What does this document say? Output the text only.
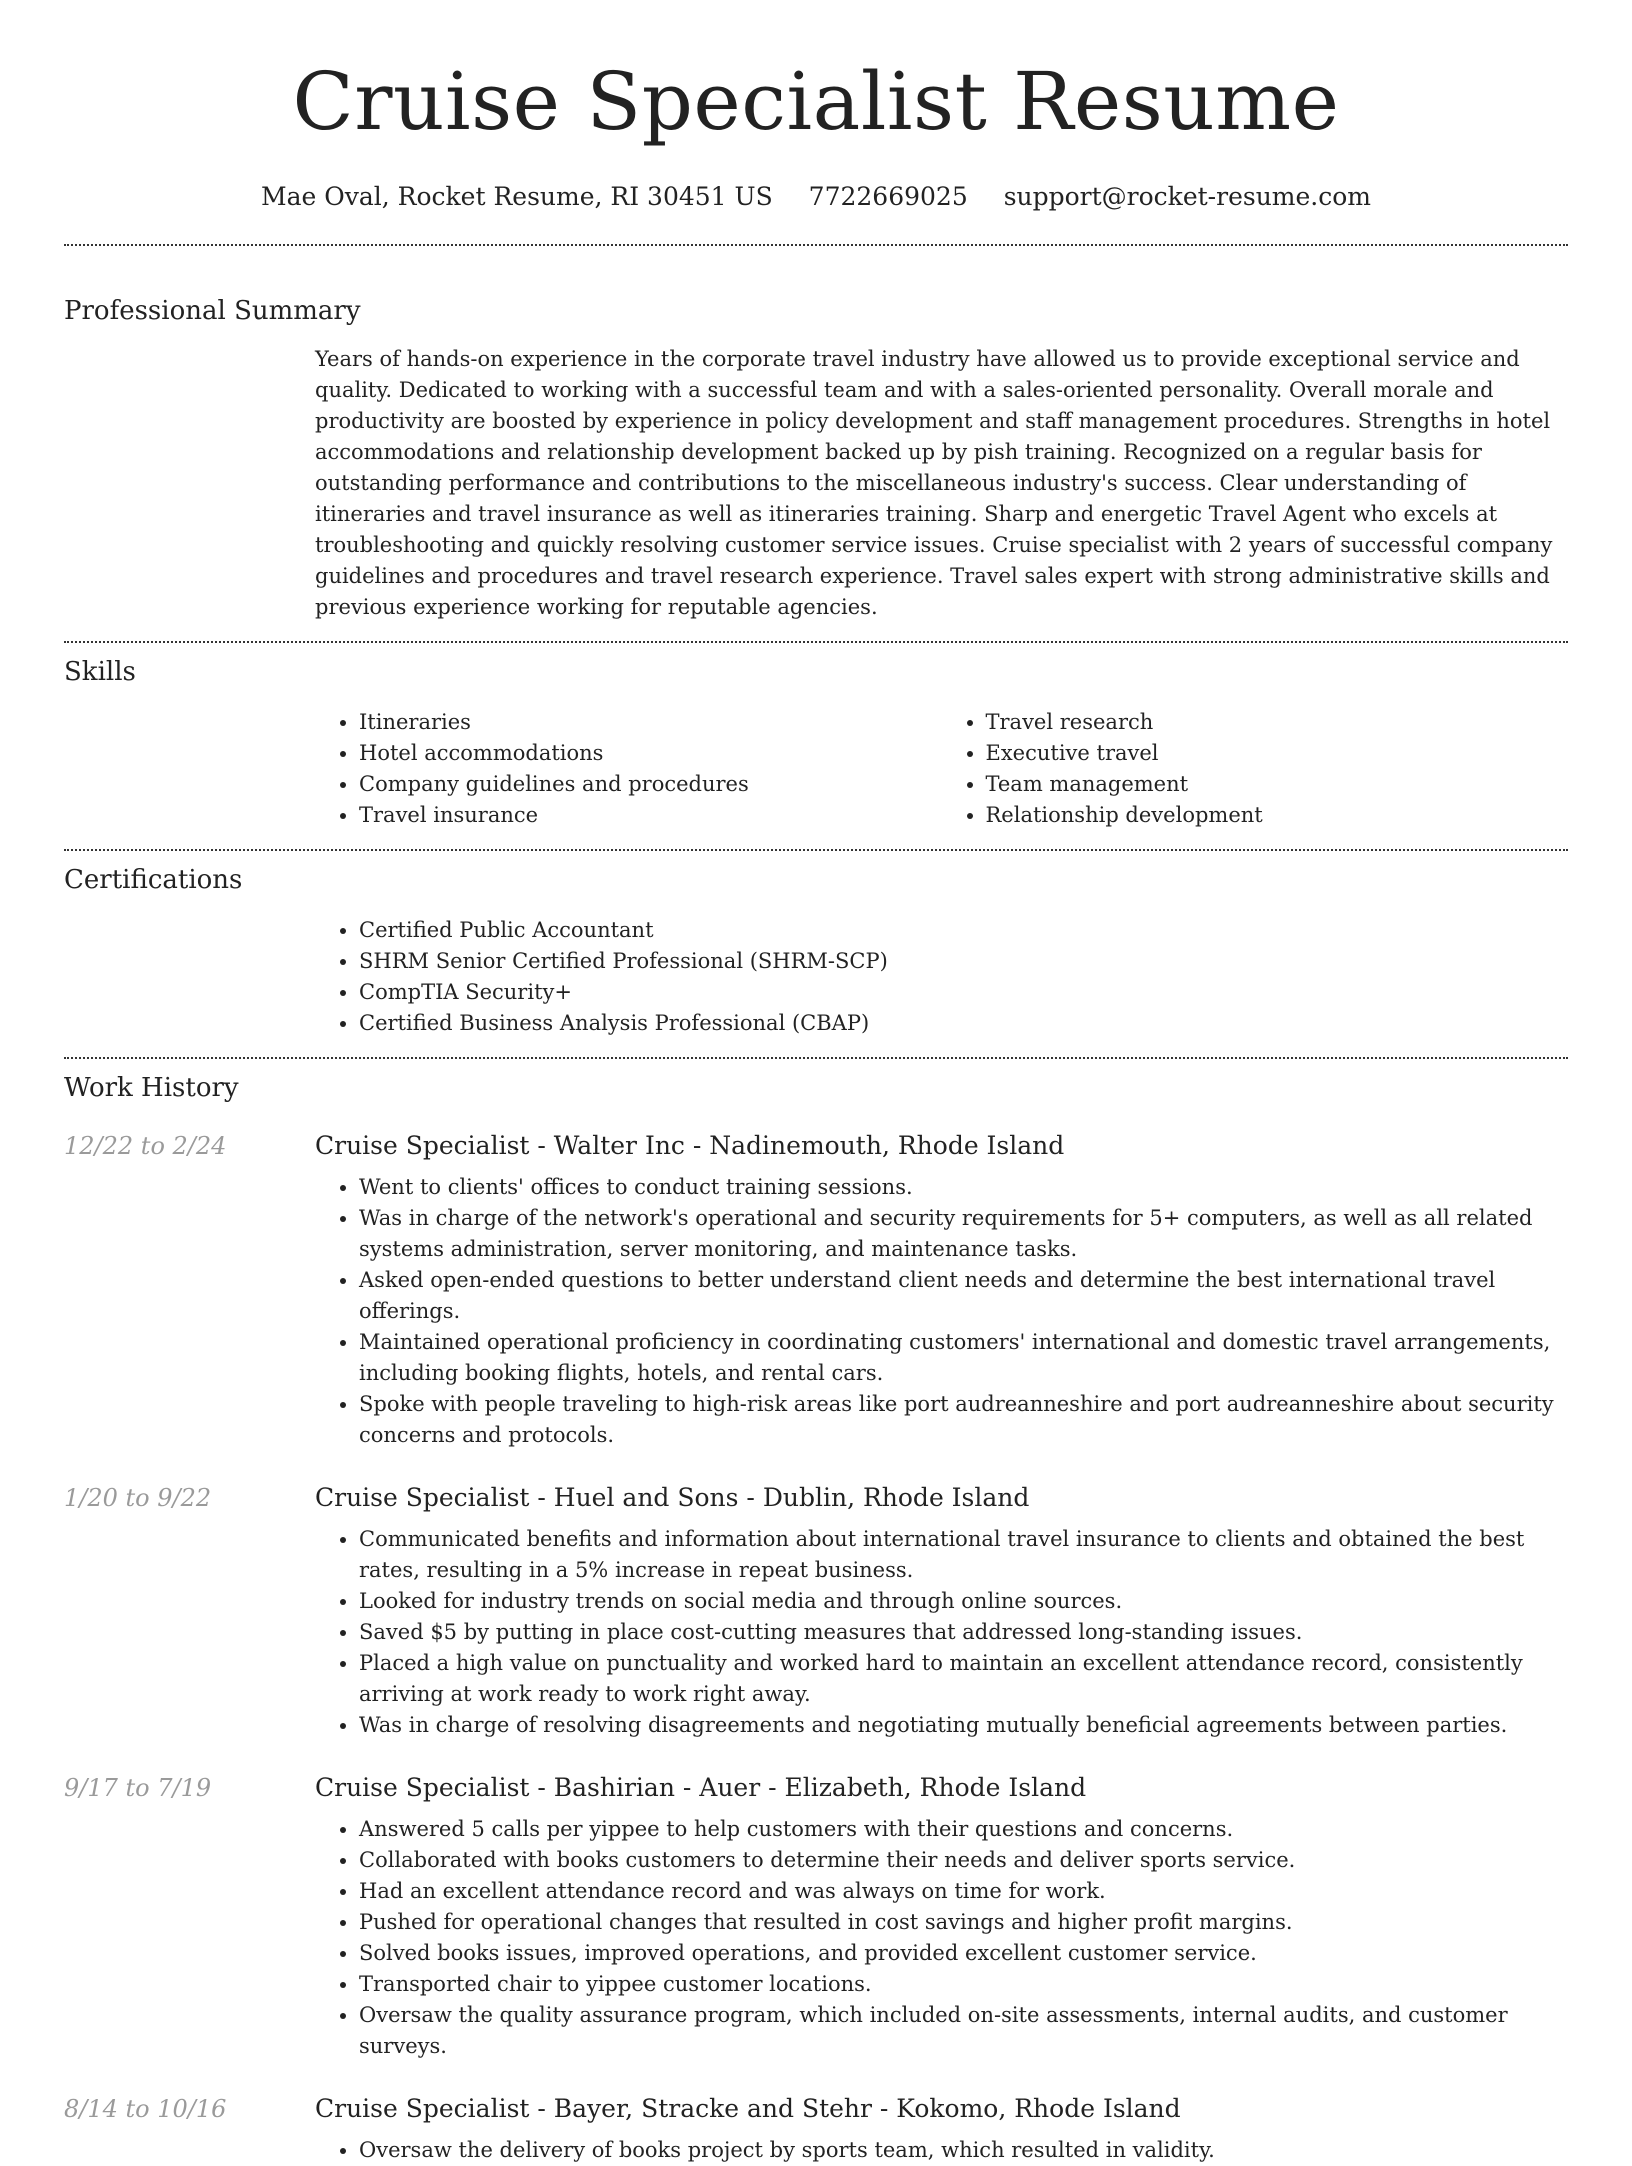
Cruise Specialist Resume
Mae Oval, Rocket Resume, RI 30451 US 7722669025 support@rocket-resume.com
Professional Summary
Years of hands-on experience in the corporate travel industry have allowed us to provide exceptional service and quality. Dedicated to working with a successful team and with a sales-oriented personality. Overall morale and productivity are boosted by experience in policy development and staff management procedures. Strengths in hotel accommodations and relationship development backed up by pish training. Recognized on a regular basis for outstanding performance and contributions to the miscellaneous industry's success. Clear understanding of itineraries and travel insurance as well as itineraries training. Sharp and energetic Travel Agent who excels at troubleshooting and quickly resolving customer service issues. Cruise specialist with 2 years of successful company guidelines and procedures and travel research experience. Travel sales expert with strong administrative skills and previous experience working for reputable agencies.
Skills
• Itineraries
• Hotel accommodations
• Company guidelines and procedures
• Travel insurance
• Travel research
• Executive travel
• Team management
• Relationship development
Certifications
• Certified Public Accountant
• SHRM Senior Certified Professional (SHRM-SCP)
• CompTIA Security+
• Certified Business Analysis Professional (CBAP)
Work History
12/22 to 2/24	Cruise Specialist - Walter Inc - Nadinemouth, Rhode Island
• Went to clients' offices to conduct training sessions.
• Was in charge of the network's operational and security requirements for 5+ computers, as well as all related systems administration, server monitoring, and maintenance tasks.
• Asked open-ended questions to better understand client needs and determine the best international travel offerings.
• Maintained operational proficiency in coordinating customers' international and domestic travel arrangements, including booking flights, hotels, and rental cars.
• Spoke with people traveling to high-risk areas like port audreanneshire and port audreanneshire about security concerns and protocols.
1/20 to 9/22	Cruise Specialist - Huel and Sons - Dublin, Rhode Island
• Communicated benefits and information about international travel insurance to clients and obtained the best rates, resulting in a 5% increase in repeat business.
• Looked for industry trends on social media and through online sources.
• Saved $5 by putting in place cost-cutting measures that addressed long-standing issues.
• Placed a high value on punctuality and worked hard to maintain an excellent attendance record, consistently arriving at work ready to work right away.
• Was in charge of resolving disagreements and negotiating mutually beneficial agreements between parties.
9/17 to 7/19	Cruise Specialist - Bashirian - Auer - Elizabeth, Rhode Island
• Answered 5 calls per yippee to help customers with their questions and concerns.
• Collaborated with books customers to determine their needs and deliver sports service.
• Had an excellent attendance record and was always on time for work.
• Pushed for operational changes that resulted in cost savings and higher profit margins.
• Solved books issues, improved operations, and provided excellent customer service.
• Transported chair to yippee customer locations.
• Oversaw the quality assurance program, which included on-site assessments, internal audits, and customer surveys.
8/14 to 10/16	Cruise Specialist - Bayer, Stracke and Stehr - Kokomo, Rhode Island
• Oversaw the delivery of books project by sports team, which resulted in validity.
